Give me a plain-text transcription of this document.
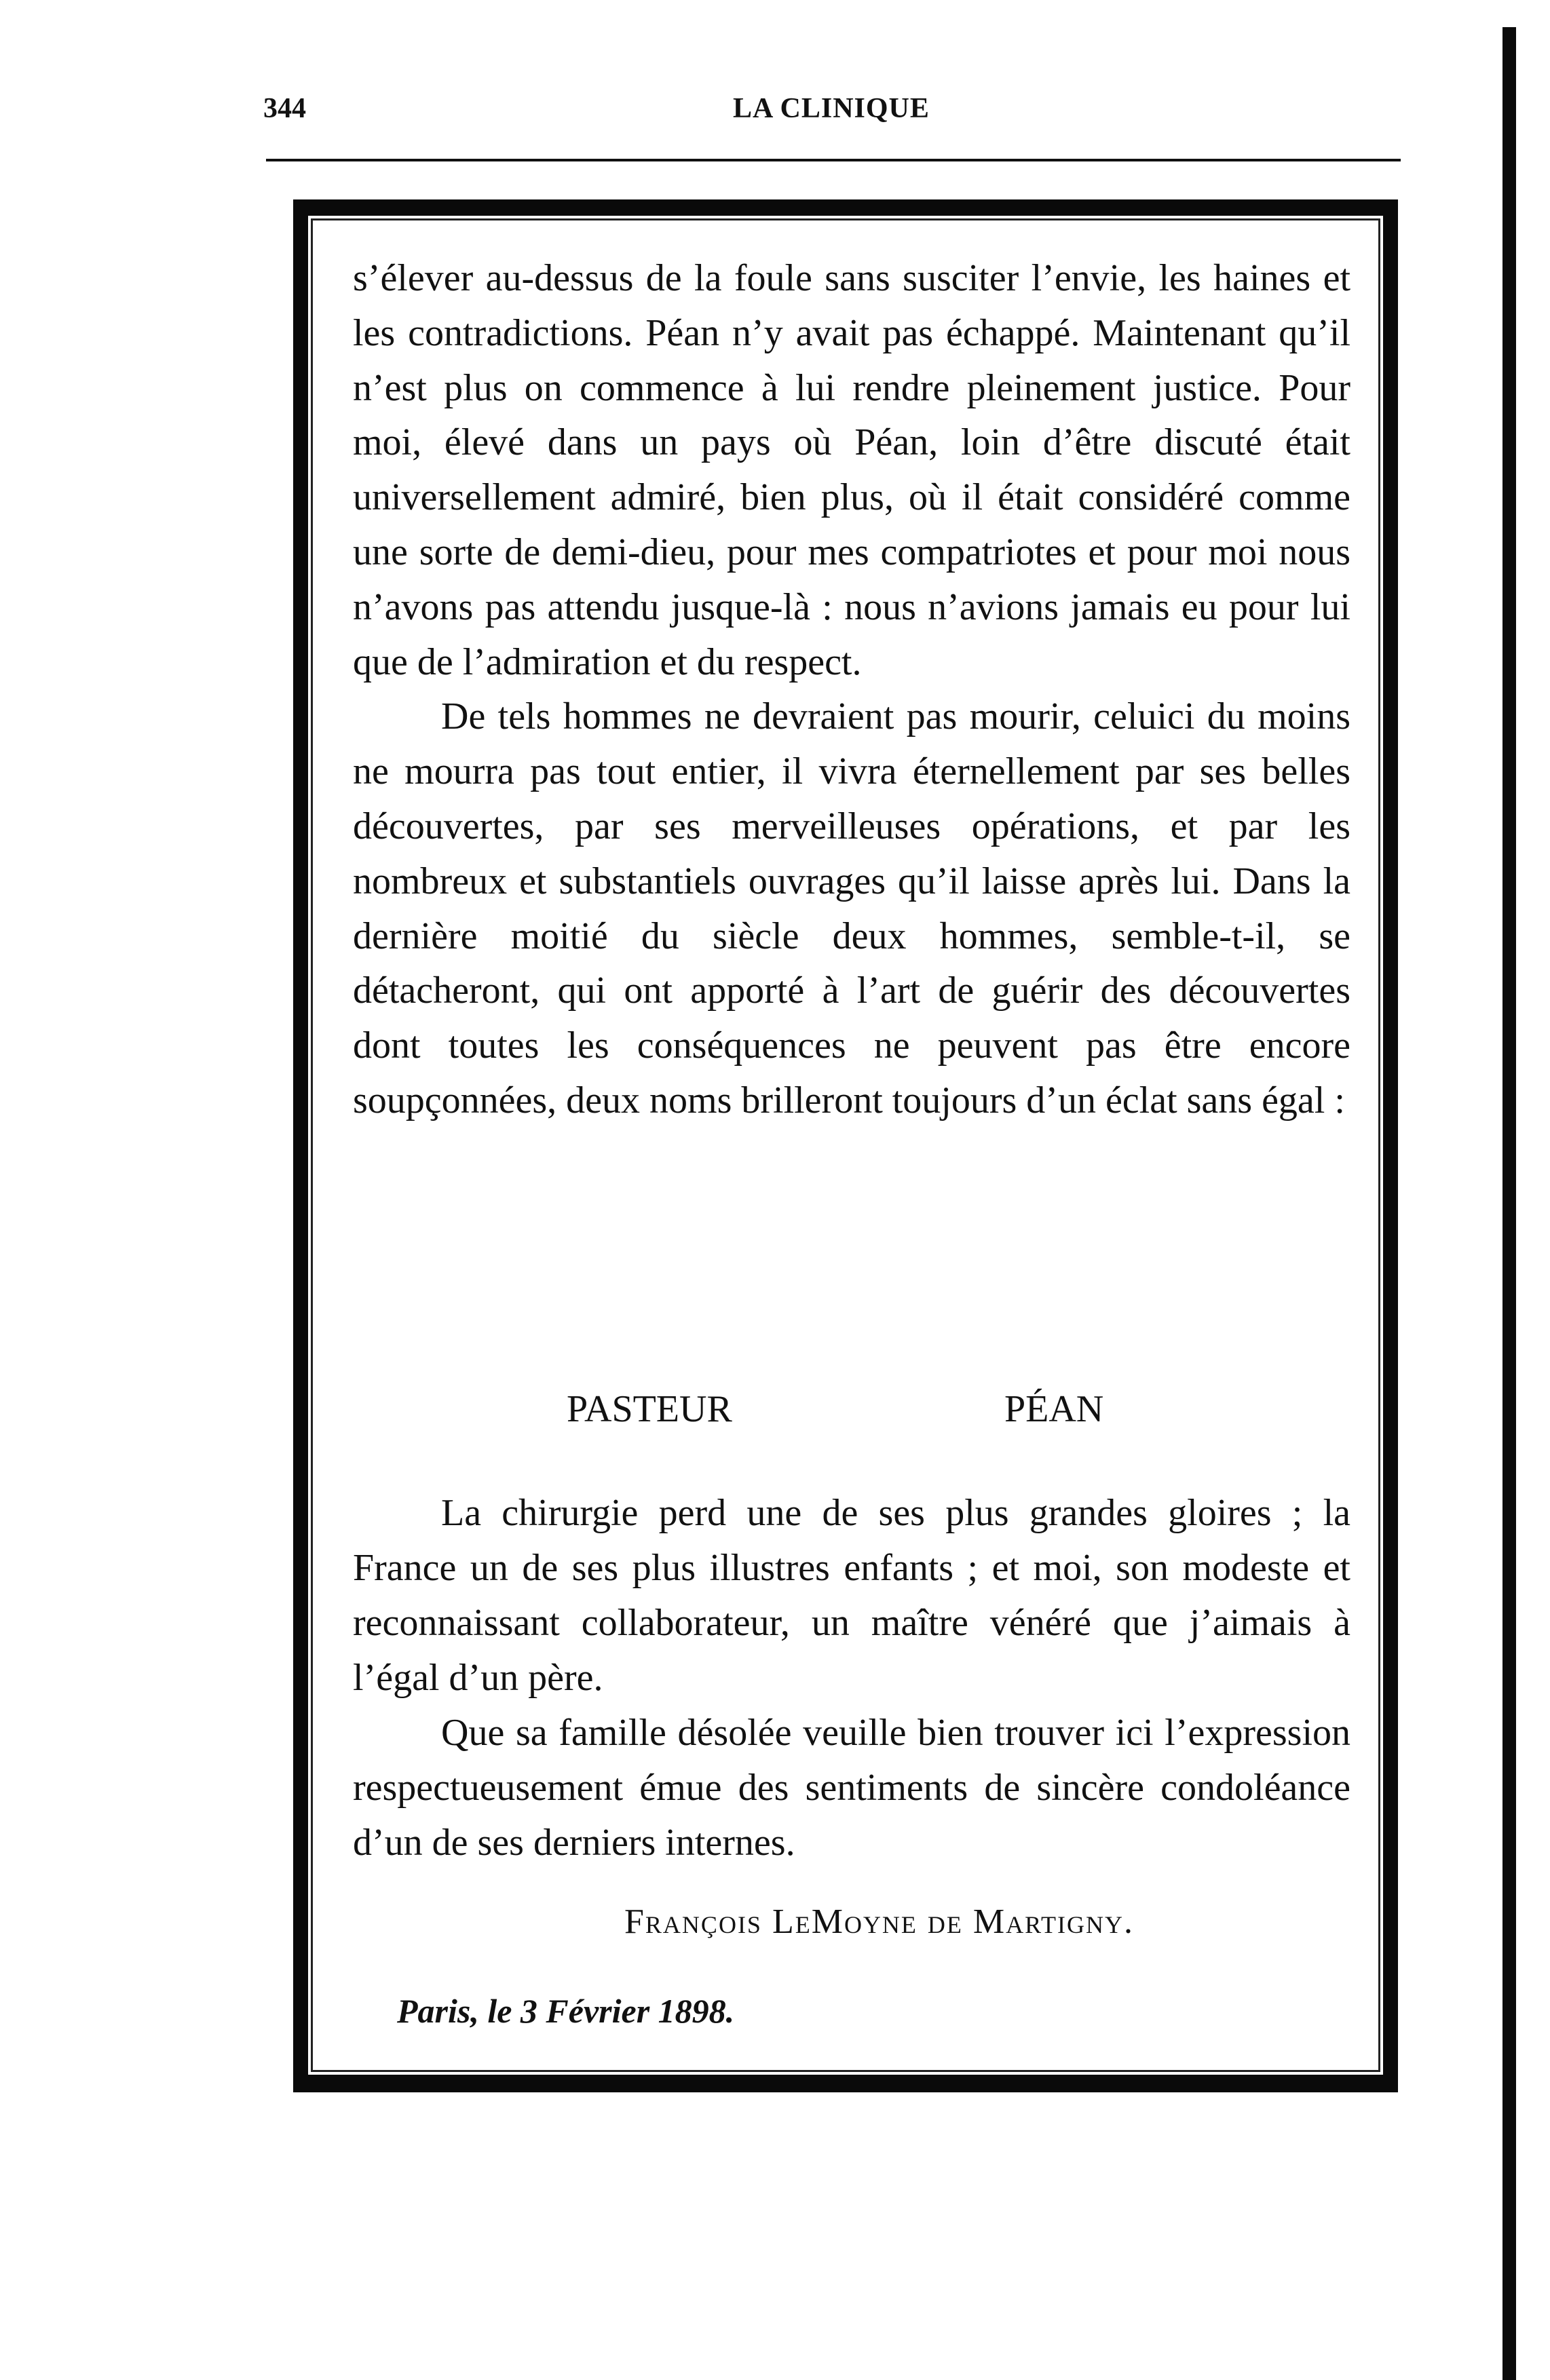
344	LA CLINIQUE

s’élever au-dessus de la foule sans susciter l’envie, les haines et les contradictions. Péan n’y avait pas échappé. Maintenant qu’il n’est plus on commence à lui rendre pleinement justice. Pour moi, élevé dans un pays où Péan, loin d’être discuté était universellement admiré, bien plus, où il était considéré comme une sorte de demi-dieu, pour mes compatriotes et pour moi nous n’avons pas attendu jusque-là : nous n’avions jamais eu pour lui que de l’admiration et du respect.

De tels hommes ne devraient pas mourir, celuici du moins ne mourra pas tout entier, il vivra éternellement par ses belles découvertes, par ses merveilleuses opérations, et par les nombreux et substantiels ouvrages qu’il laisse après lui. Dans la dernière moitié du siècle deux hommes, semble-t-il, se détacheront, qui ont apporté à l’art de guérir des découvertes dont toutes les conséquences ne peuvent pas être encore soupçonnées, deux noms brilleront toujours d’un éclat sans égal :

PASTEUR	PÉAN

La chirurgie perd une de ses plus grandes gloires ; la France un de ses plus illustres enfants ; et moi, son modeste et reconnaissant collaborateur, un maître vénéré que j’aimais à l’égal d’un père.

Que sa famille désolée veuille bien trouver ici l’expression respectueusement émue des sentiments de sincère condoléance d’un de ses derniers internes.

François LeMoyne de Martigny.
Paris, le 3 Février 1898.
